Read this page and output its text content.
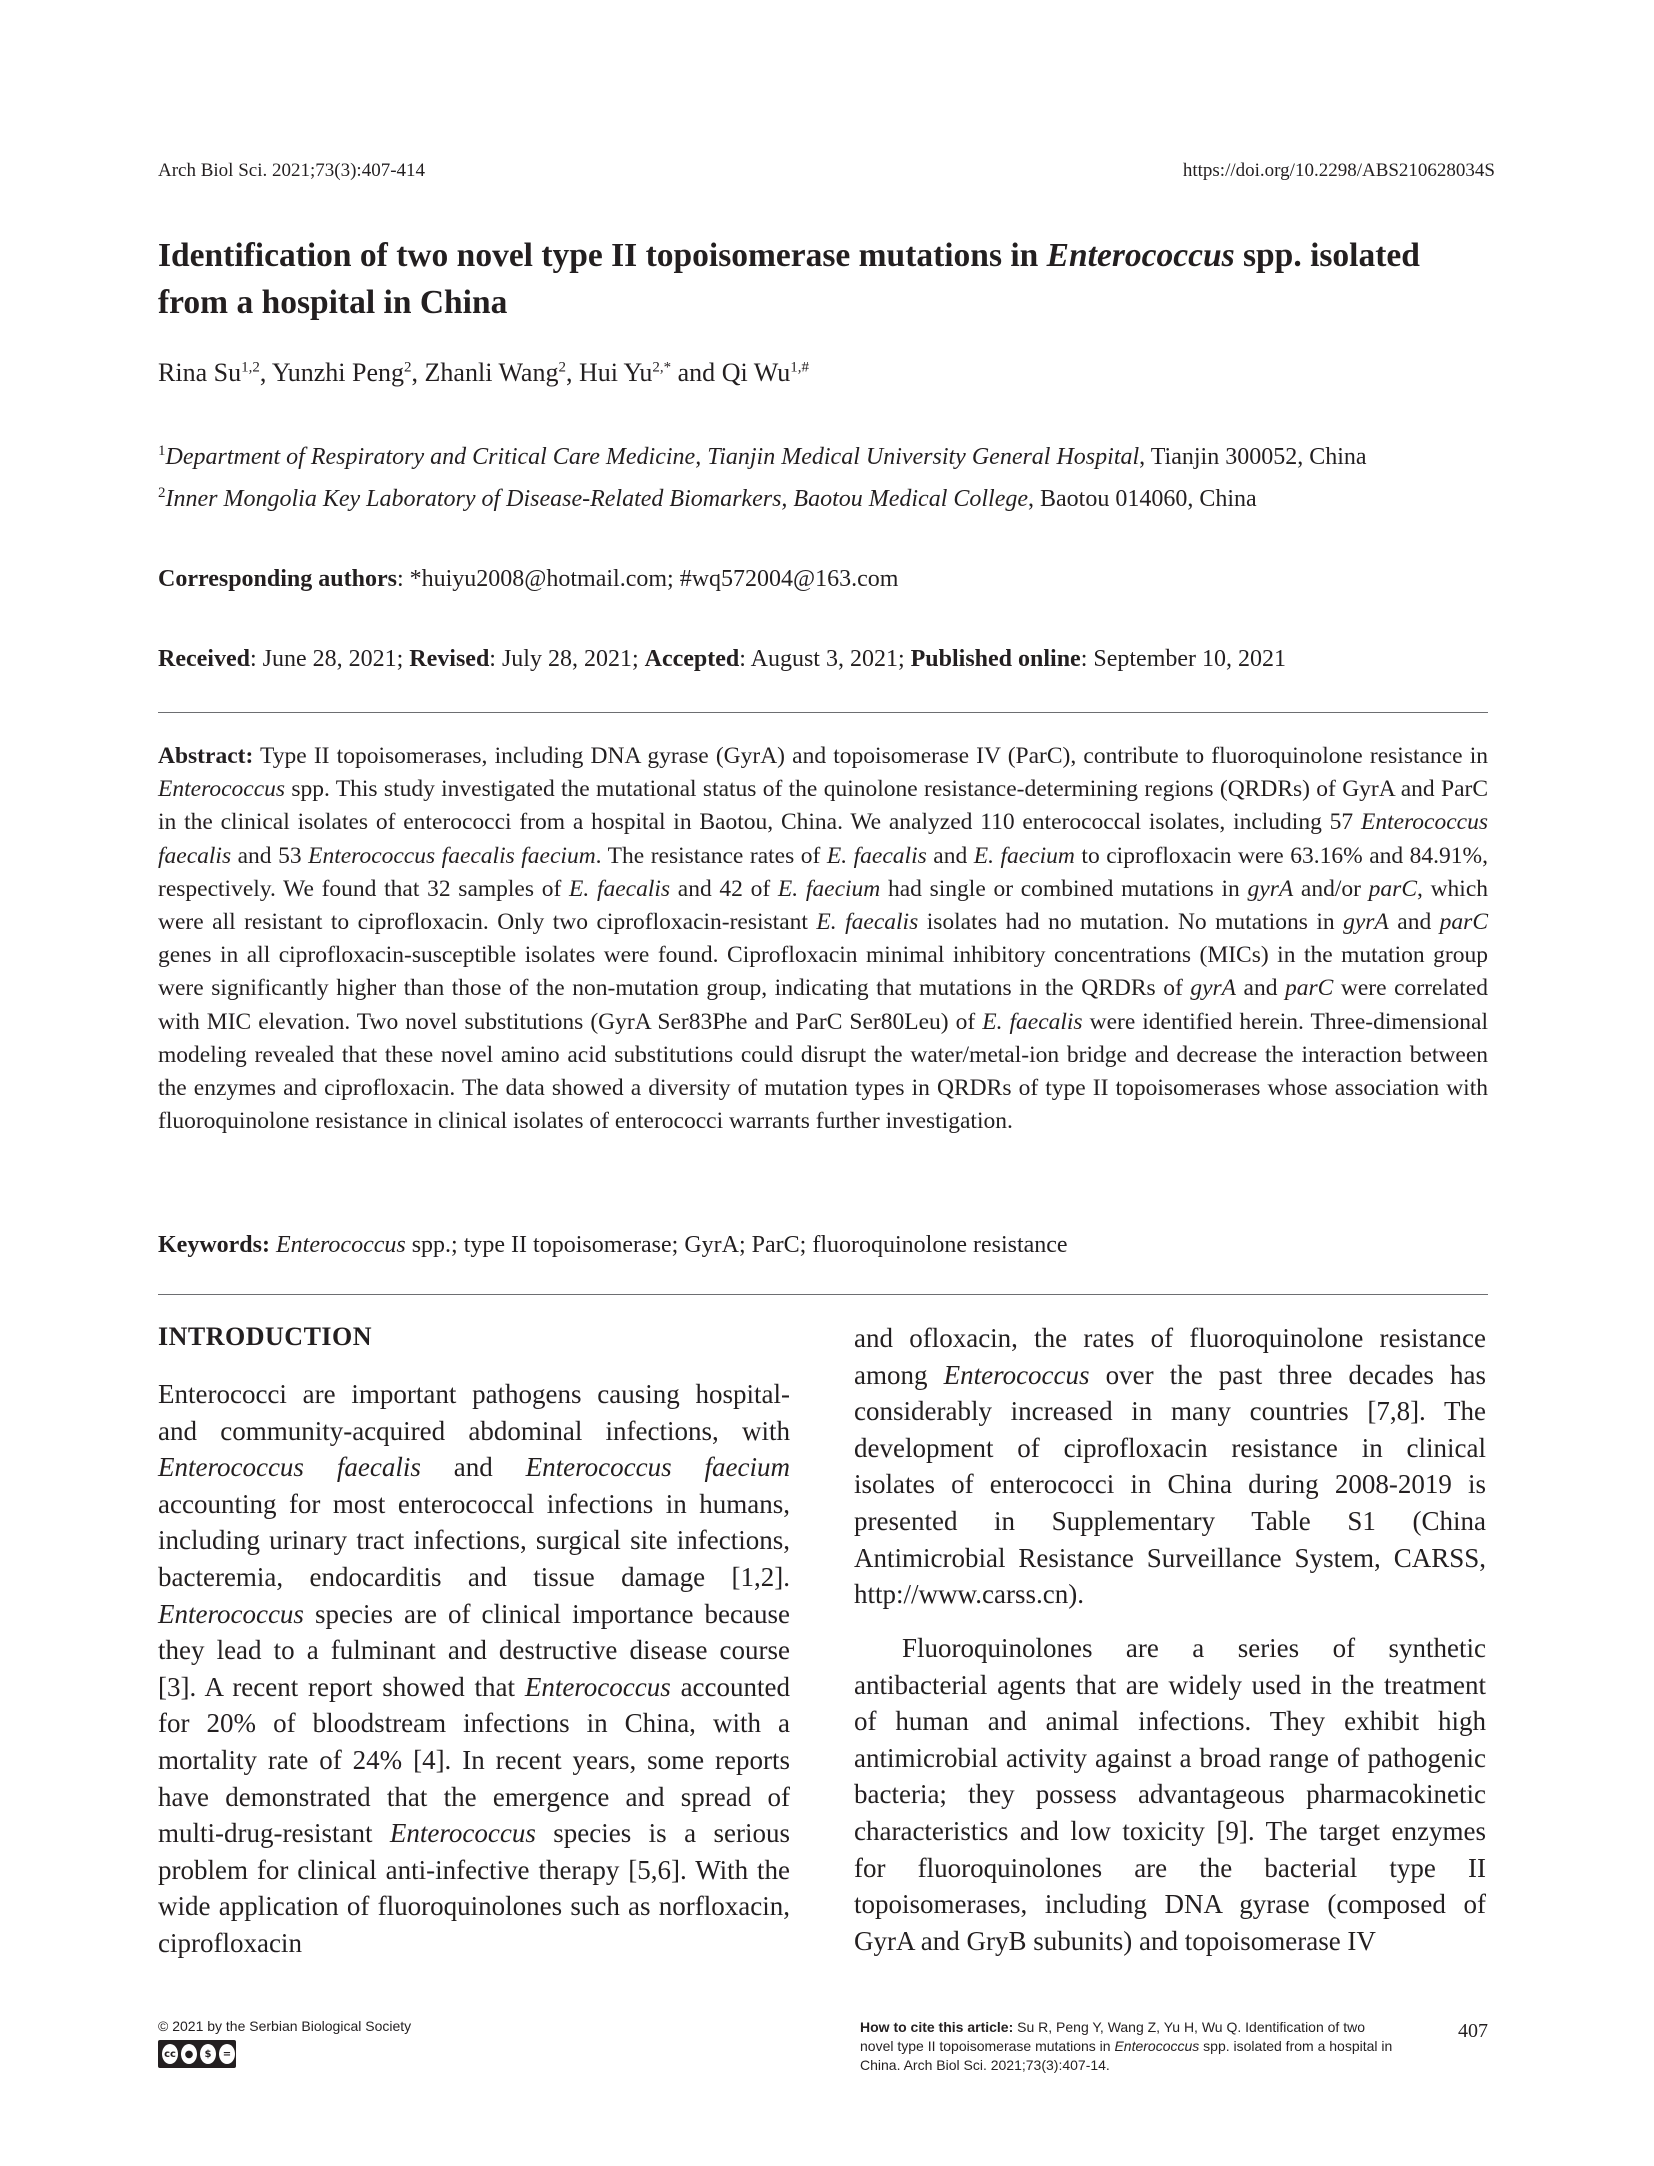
Arch Biol Sci. 2021;73(3):407-414	https://doi.org/10.2298/ABS210628034S
Identification of two novel type II topoisomerase mutations in Enterococcus spp. isolated from a hospital in China
Rina Su$^{1,2}$, Yunzhi Peng$^2$, Zhanli Wang$^2$, Hui $Yu^{2,*}$ and Qi $Wu^{1,\#}$
$^1$Department of Respiratory and Critical Care Medicine, Tianjin Medical University General Hospital, Tianjin 300052, China
$^2$Inner Mongolia Key Laboratory of Disease-Related Biomarkers, Baotou Medical College, Baotou 014060, China
Corresponding authors: *huiyu2008@hotmail.com; #wq572004@163.com
Received: June 28, 2021; Revised: July 28, 2021; Accepted: August 3, 2021; Published online: September 10, 2021

Abstract: Type II topoisomerases, including DNA gyrase (GyrA) and topoisomerase IV (ParC), contribute to fluoroquinolone resistance in Enterococcus spp. This study investigated the mutational status of the quinolone resistance-determining regions (QRDRs) of GyrA and ParC in the clinical isolates of enterococci from a hospital in Baotou, China. We analyzed 110 enterococcal isolates, including 57 Enterococcus faecalis and 53 Enterococcus faecalis faecium. The resistance rates of E. faecalis and E. faecium to ciprofloxacin were 63.16% and 84.91%, respectively. We found that 32 samples of E. faecalis and 42 of E. faecium had single or combined mutations in gyrA and/or parC, which were all resistant to ciprofloxacin. Only two ciprofloxacin-resistant E. faecalis isolates had no mutation. No mutations in gyrA and parC genes in all ciprofloxacin-susceptible isolates were found. Ciprofloxacin minimal inhibitory concentrations (MICs) in the mutation group were significantly higher than those of the non-mutation group, indicating that mutations in the QRDRs of gyrA and parC were correlated with MIC elevation. Two novel substitutions (GyrA Ser83Phe and ParC Ser80Leu) of E. faecalis were identified herein. Three-dimensional modeling revealed that these novel amino acid substitutions could disrupt the water/metal-ion bridge and decrease the interaction between the enzymes and ciprofloxacin. The data showed a diversity of mutation types in QRDRs of type II topoisomerases whose association with fluoroquinolone resistance in clinical isolates of enterococci warrants further investigation.

Keywords: Enterococcus spp.; type II topoisomerase; GyrA; ParC; fluoroquinolone resistance
INTRODUCTION

Enterococci are important pathogens causing hospital- and community-acquired abdominal infections, with Enterococcus faecalis and Enterococcus faecium accounting for most enterococcal infections in humans, including urinary tract infections, surgical site infections, bacteremia, endocarditis and tissue damage [1,2]. Enterococcus species are of clinical importance because they lead to a fulminant and destructive disease course [3]. A recent report showed that Enterococcus accounted for 20% of bloodstream infections in China, with a mortality rate of 24% [4]. In recent years, some reports have demonstrated that the emergence and spread of multi-drug-resistant Enterococcus species is a serious problem for clinical anti-infective therapy [5,6]. With the wide application of fluoroquinolones such as norfloxacin, ciprofloxacin

and ofloxacin, the rates of fluoroquinolone resistance among Enterococcus over the past three decades has considerably increased in many countries [7,8]. The development of ciprofloxacin resistance in clinical isolates of enterococci in China during 2008-2019 is presented in Supplementary Table S1 (China Antimicrobial Resistance Surveillance System, CARSS, http://www.carss.cn).

Fluoroquinolones are a series of synthetic antibacterial agents that are widely used in the treatment of human and animal infections. They exhibit high antimicrobial activity against a broad range of pathogenic bacteria; they possess advantageous pharmacokinetic characteristics and low toxicity [9]. The target enzymes for fluoroquinolones are the bacterial type II topoisomerases, including DNA gyrase (composed of GyrA and GryB subunits) and topoisomerase IV

© 2021 by the Serbian Biological Society
cc ●	$	=
How to cite this article: Su R, Peng Y, Wang Z, Yu H, Wu Q. Identification of two novel type II topoisomerase mutations in Enterococcus spp. isolated from a hospital in China. Arch Biol Sci. 2021;73(3):407-14.
407
